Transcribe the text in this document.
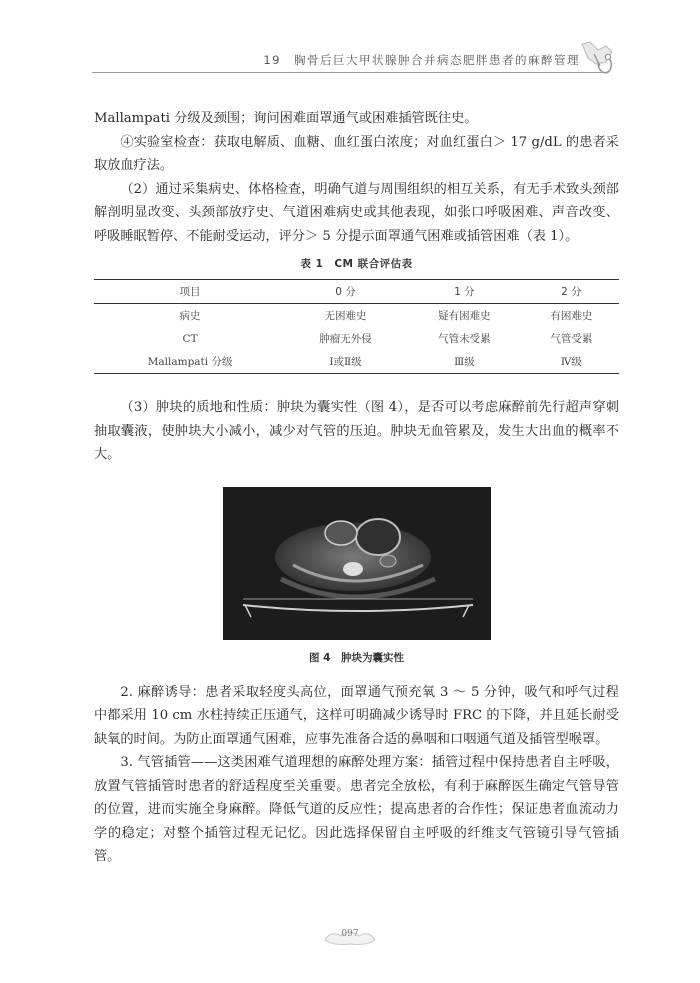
19　胸骨后巨大甲状腺肿合并病态肥胖患者的麻醉管理

Mallampati 分级及颈围；询问困难面罩通气或困难插管既往史。

④实验室检查：获取电解质、血糖、血红蛋白浓度；对血红蛋白＞ 17 g/dL 的患者采取放血疗法。

（2）通过采集病史、体格检查，明确气道与周围组织的相互关系，有无手术致头颈部解剖明显改变、头颈部放疗史、气道困难病史或其他表现，如张口呼吸困难、声音改变、呼吸睡眠暂停、不能耐受运动，评分＞ 5 分提示面罩通气困难或插管困难（表 1）。

表 1　CM 联合评估表
项目	0 分	1 分	2 分
病史	无困难史	疑有困难史	有困难史
CT	肿瘤无外侵	气管未受累	气管受累
Mallampati 分级	Ⅰ或Ⅱ级	Ⅲ级	Ⅳ级

（3）肿块的质地和性质：肿块为囊实性（图 4），是否可以考虑麻醉前先行超声穿刺抽取囊液，使肿块大小减小，减少对气管的压迫。肿块无血管累及，发生大出血的概率不大。

图 4　肿块为囊实性

2. 麻醉诱导：患者采取轻度头高位，面罩通气预充氧 3 ～ 5 分钟，吸气和呼气过程中都采用 10 cm 水柱持续正压通气，这样可明确减少诱导时 FRC 的下降，并且延长耐受缺氧的时间。为防止面罩通气困难，应事先准备合适的鼻咽和口咽通气道及插管型喉罩。

3. 气管插管——这类困难气道理想的麻醉处理方案：插管过程中保持患者自主呼吸，放置气管插管时患者的舒适程度至关重要。患者完全放松，有利于麻醉医生确定气管导管的位置，进而实施全身麻醉。降低气道的反应性；提高患者的合作性；保证患者血流动力学的稳定；对整个插管过程无记忆。因此选择保留自主呼吸的纤维支气管镜引导气管插管。

097
